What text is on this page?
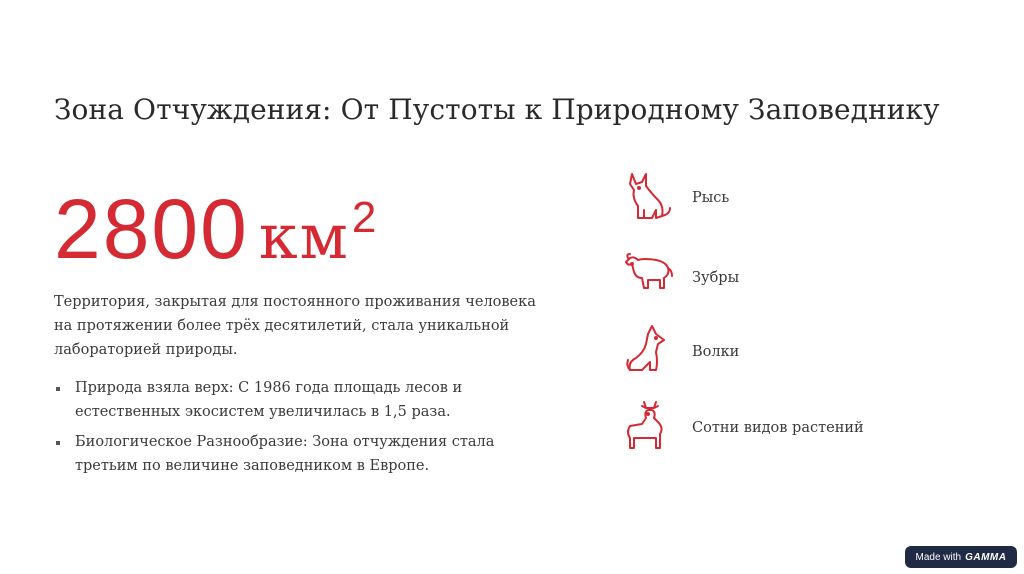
Зона Отчуждения: От Пустоты к Природному Заповеднику
2800 $км^2$
Территория, закрытая для постоянного проживания человека на протяжении более трёх десятилетий, стала уникальной лабораторией природы.
Природа взяла верх: С 1986 года площадь лесов и естественных экосистем увеличилась в 1,5 раза.
Биологическое Разнообразие: Зона отчуждения стала третьим по величине заповедником в Европе.
Рысь
Зубры
Волки
Сотни видов растений
Made with GAMMA
